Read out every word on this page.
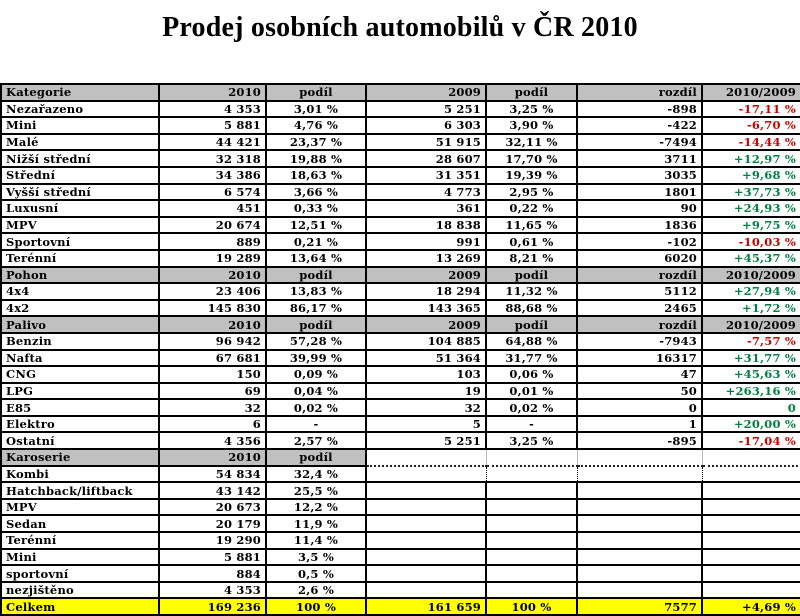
Prodej osobních automobilů v ČR 2010
Kategorie	2010	podíl	2009	podíl	rozdíl	2010/2009
Nezařazeno	4 353	3,01 %	5 251	3,25 %	-898	-17,11 %
Mini	5 881	4,76 %	6 303	3,90 %	-422	-6,70 %
Malé	44 421	23,37 %	51 915	32,11 %	-7494	-14,44 %
Nižší střední	32 318	19,88 %	28 607	17,70 %	3711	+12,97 %
Střední	34 386	18,63 %	31 351	19,39 %	3035	+9,68 %
Vyšší střední	6 574	3,66 %	4 773	2,95 %	1801	+37,73 %
Luxusní	451	0,33 %	361	0,22 %	90	+24,93 %
MPV	20 674	12,51 %	18 838	11,65 %	1836	+9,75 %
Sportovní	889	0,21 %	991	0,61 %	-102	-10,03 %
Terénní	19 289	13,64 %	13 269	8,21 %	6020	+45,37 %
Pohon	2010	podíl	2009	podíl	rozdíl	2010/2009
4x4	23 406	13,83 %	18 294	11,32 %	5112	+27,94 %
4x2	145 830	86,17 %	143 365	88,68 %	2465	+1,72 %
Palivo	2010	podíl	2009	podíl	rozdíl	2010/2009
Benzin	96 942	57,28 %	104 885	64,88 %	-7943	-7,57 %
Nafta	67 681	39,99 %	51 364	31,77 %	16317	+31,77 %
CNG	150	0,09 %	103	0,06 %	47	+45,63 %
LPG	69	0,04 %	19	0,01 %	50	+263,16 %
E85	32	0,02 %	32	0,02 %	0	0
Elektro	6	-	5	-	1	+20,00 %
Ostatní	4 356	2,57 %	5 251	3,25 %	-895	-17,04 %
Karoserie	2010	podíl				
Kombi	54 834	32,4 %				
Hatchback/liftback	43 142	25,5 %				
MPV	20 673	12,2 %				
Sedan	20 179	11,9 %				
Terénní	19 290	11,4 %				
Mini	5 881	3,5 %				
sportovní	884	0,5 %				
nezjištěno	4 353	2,6 %				
Celkem	169 236	100 %	161 659	100 %	7577	+4,69 %
